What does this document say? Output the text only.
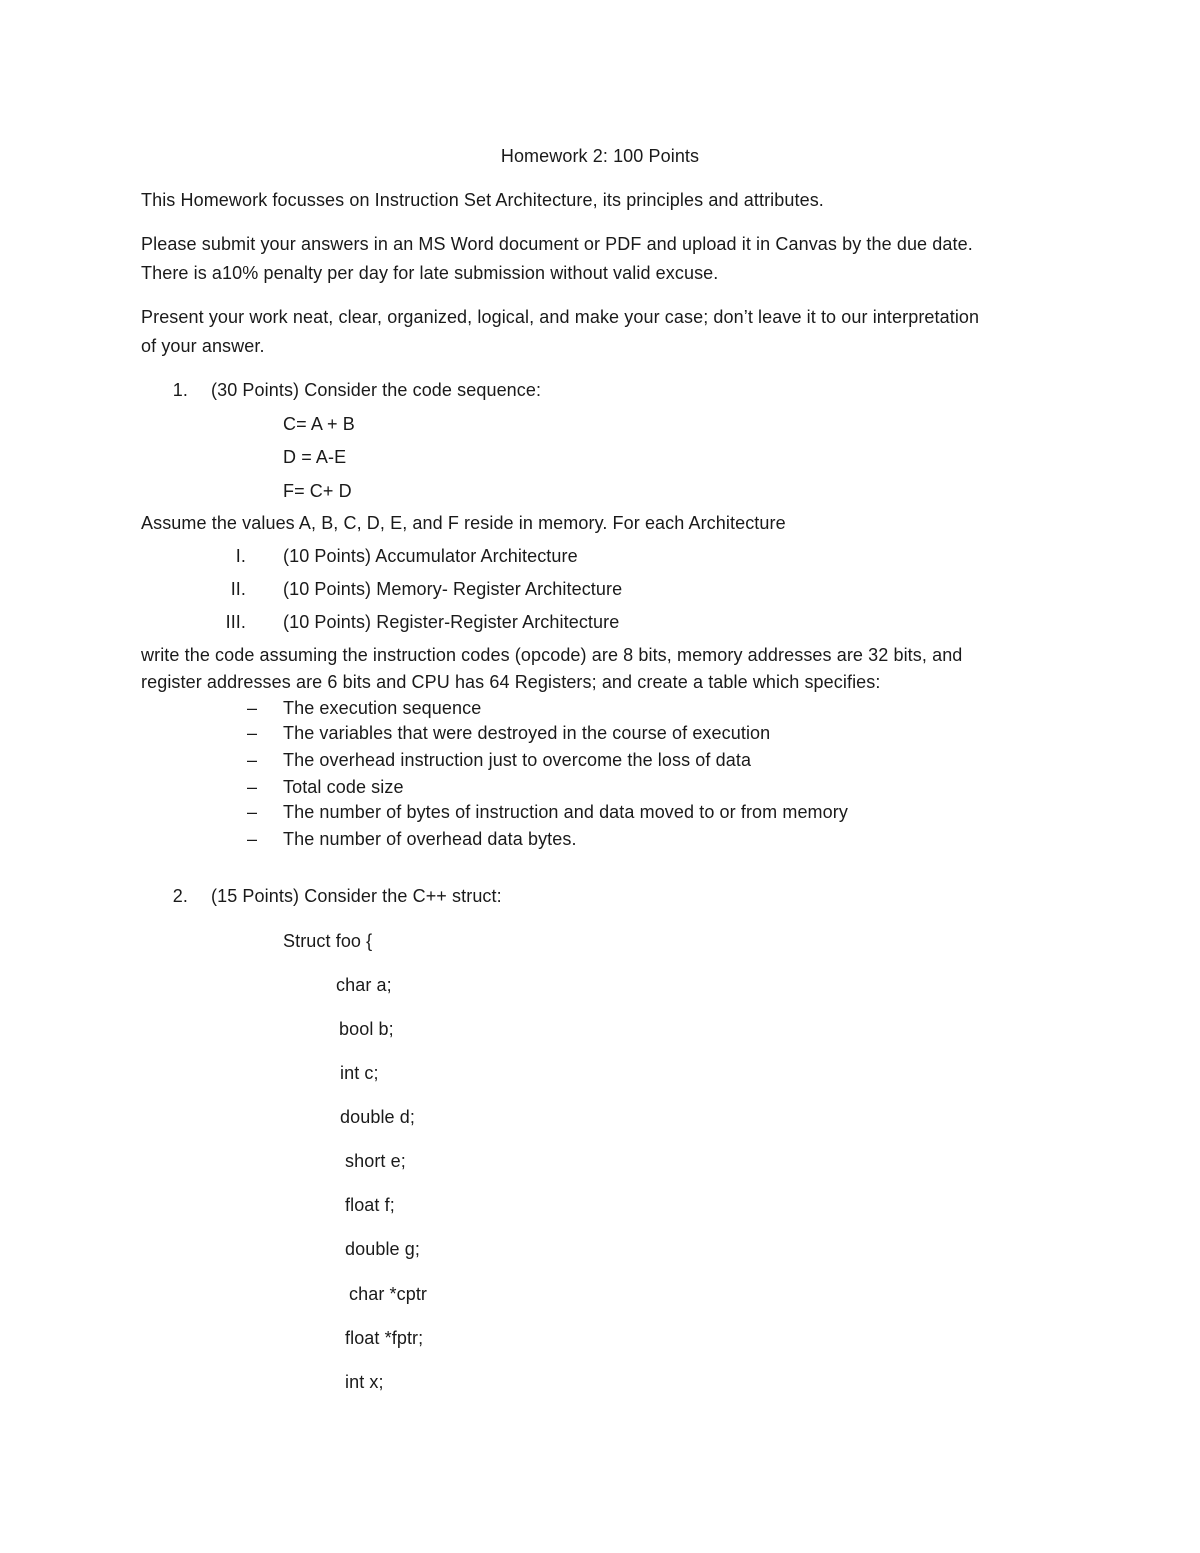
Homework 2: 100 Points
This Homework focusses on Instruction Set Architecture, its principles and attributes.
Please submit your answers in an MS Word document or PDF and upload it in Canvas by the due date.
There is a10% penalty per day for late submission without valid excuse.
Present your work neat, clear, organized, logical, and make your case; don’t leave it to our interpretation
of your answer.
1. (30 Points) Consider the code sequence:
C= A + B
D = A-E
F= C+ D
Assume the values A, B, C, D, E, and F reside in memory. For each Architecture
I. (10 Points) Accumulator Architecture
II. (10 Points) Memory- Register Architecture
III. (10 Points) Register-Register Architecture
write the code assuming the instruction codes (opcode) are 8 bits, memory addresses are 32 bits, and
register addresses are 6 bits and CPU has 64 Registers; and create a table which specifies:
–	The execution sequence
–	The variables that were destroyed in the course of execution
–	The overhead instruction just to overcome the loss of data
–	Total code size
–	The number of bytes of instruction and data moved to or from memory
–	The number of overhead data bytes.
2. (15 Points) Consider the C++ struct:
Struct foo {
char a;
bool b;
int c;
double d;
short e;
float f;
double g;
char *cptr
float *fptr;
int x;
